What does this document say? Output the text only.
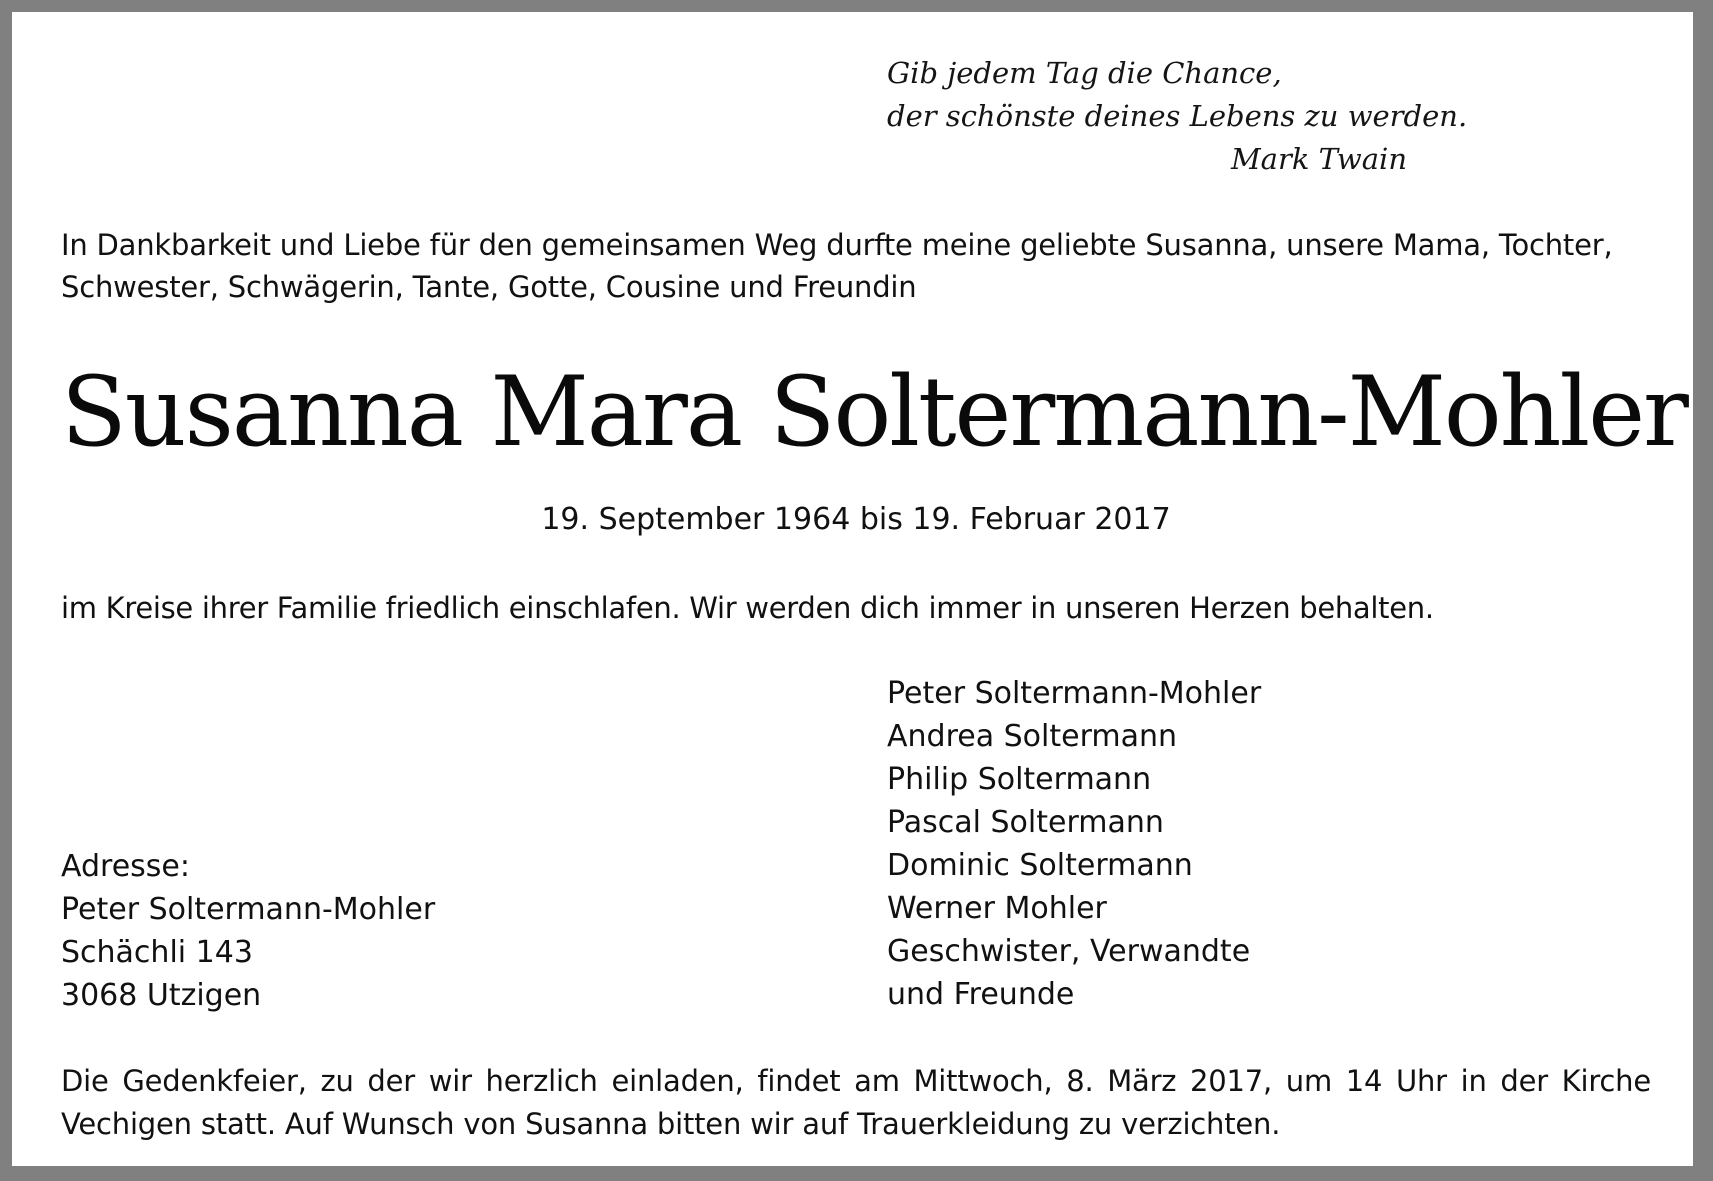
Gib jedem Tag die Chance,
der schönste deines Lebens zu werden.
Mark Twain
In Dankbarkeit und Liebe für den gemeinsamen Weg durfte meine geliebte Susanna, unsere Mama, Tochter, Schwester, Schwägerin, Tante, Gotte, Cousine und Freundin
Susanna Mara Soltermann-Mohler
19. September 1964 bis 19. Februar 2017
im Kreise ihrer Familie friedlich einschlafen. Wir werden dich immer in unseren Herzen behalten.
Peter Soltermann-Mohler
Andrea Soltermann
Philip Soltermann
Pascal Soltermann
Dominic Soltermann
Werner Mohler
Geschwister, Verwandte
und Freunde
Adresse:
Peter Soltermann-Mohler
Schächli 143
3068 Utzigen
Die Gedenkfeier, zu der wir herzlich einladen, findet am Mittwoch, 8. März 2017, um 14 Uhr in der Kirche Vechigen statt. Auf Wunsch von Susanna bitten wir auf Trauerkleidung zu verzichten.
